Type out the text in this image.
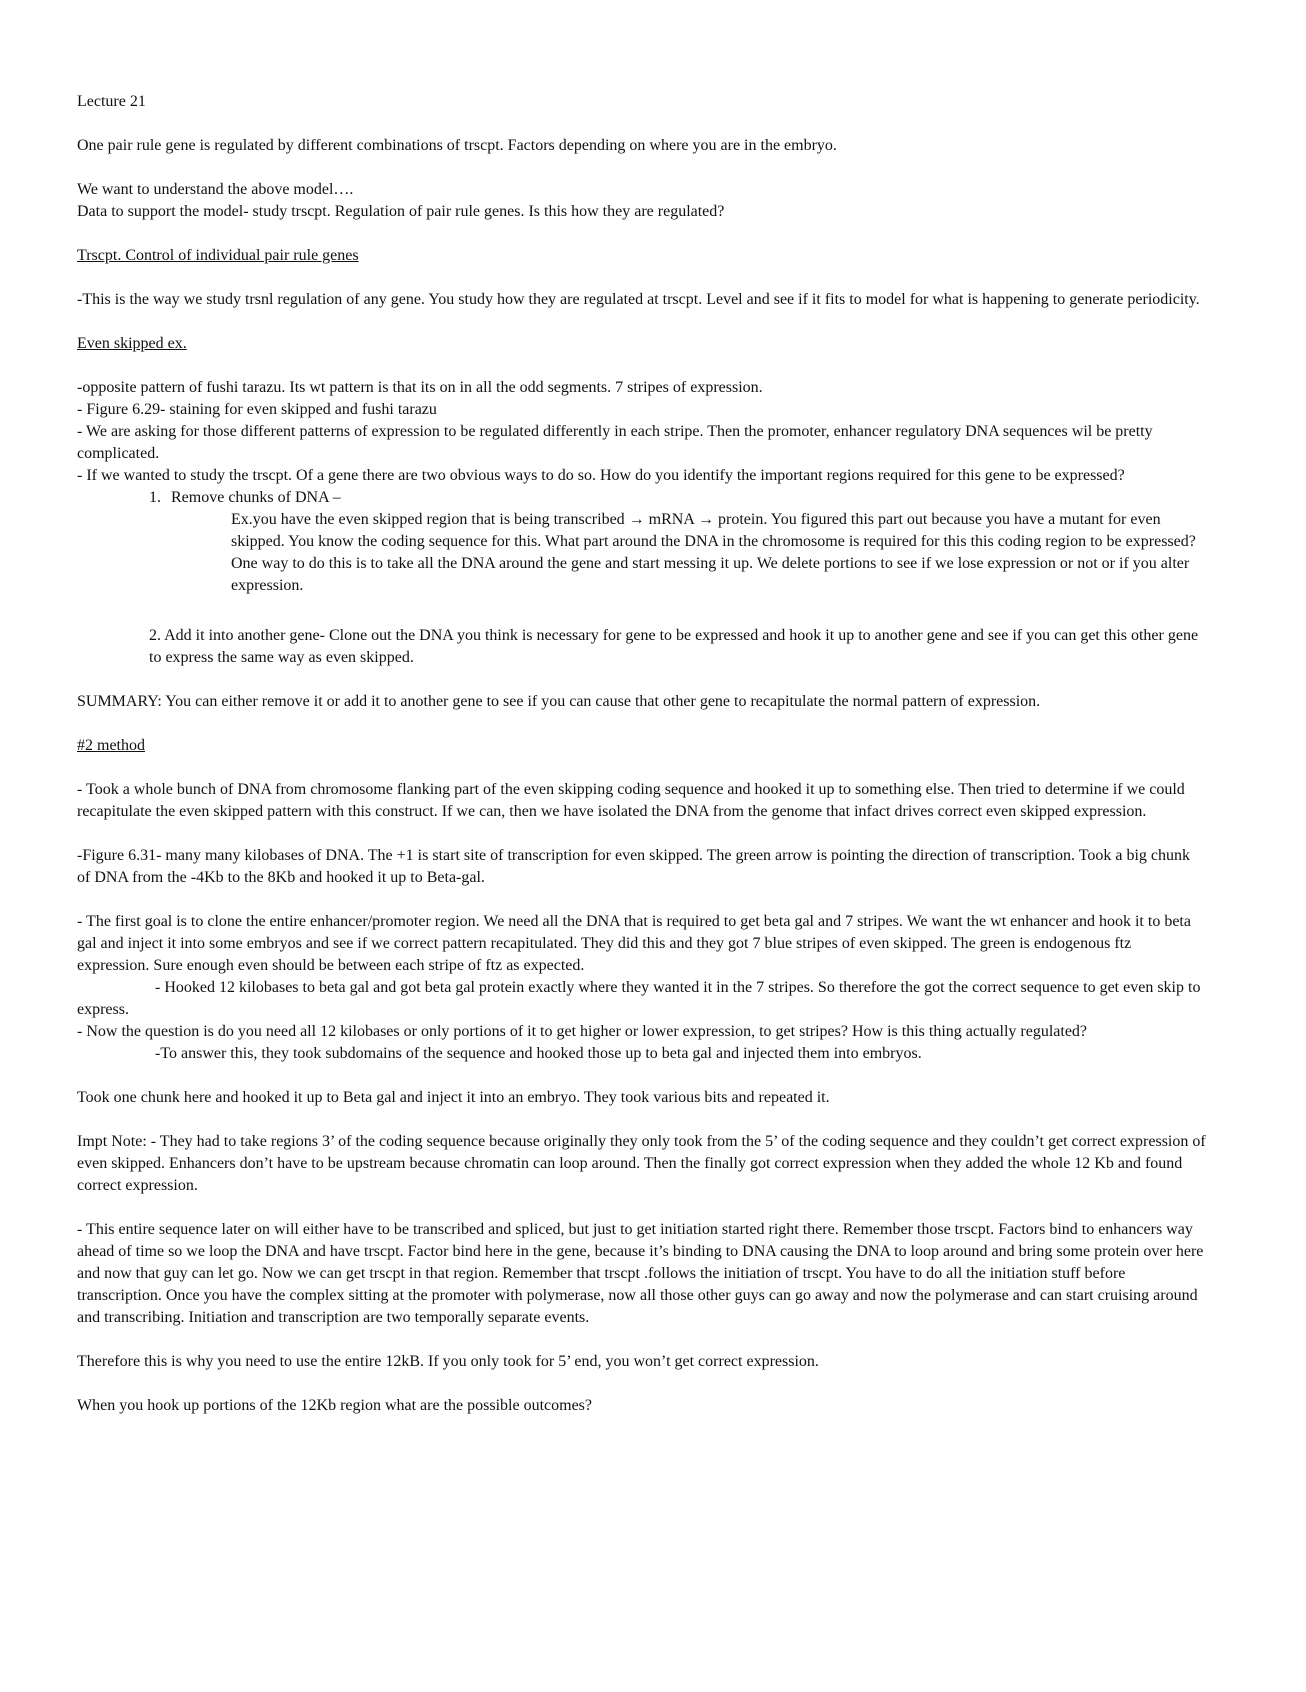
Lecture 21

One pair rule gene is regulated by different combinations of trscpt. Factors depending on where you are in the embryo.

We want to understand the above model….

Data to support the model- study trscpt. Regulation of pair rule genes. Is this how they are regulated?

Trscpt. Control of individual pair rule genes

-This is the way we study trsnl regulation of any gene. You study how they are regulated at trscpt. Level and see if it fits to model for what is happening to generate periodicity.

Even skipped ex.

-opposite pattern of fushi tarazu. Its wt pattern is that its on in all the odd segments. 7 stripes of expression.

- Figure 6.29- staining for even skipped and fushi tarazu

- We are asking for those different patterns of expression to be regulated differently in each stripe. Then the promoter, enhancer regulatory DNA sequences wil be pretty complicated.

- If we wanted to study the trscpt. Of a gene there are two obvious ways to do so. How do you identify the important regions required for this gene to be expressed?

1. Remove chunks of DNA –

Ex.you have the even skipped region that is being transcribed → mRNA → protein. You figured this part out because you have a mutant for even skipped. You know the coding sequence for this. What part around the DNA in the chromosome is required for this this coding region to be expressed? One way to do this is to take all the DNA around the gene and start messing it up. We delete portions to see if we lose expression or not or if you alter expression.

2. Add it into another gene- Clone out the DNA you think is necessary for gene to be expressed and hook it up to another gene and see if you can get this other gene to express the same way as even skipped.

SUMMARY: You can either remove it or add it to another gene to see if you can cause that other gene to recapitulate the normal pattern of expression.

#2 method

- Took a whole bunch of DNA from chromosome flanking part of the even skipping coding sequence and hooked it up to something else. Then tried to determine if we could recapitulate the even skipped pattern with this construct. If we can, then we have isolated the DNA from the genome that infact drives correct even skipped expression.

-Figure 6.31- many many kilobases of DNA. The +1 is start site of transcription for even skipped. The green arrow is pointing the direction of transcription. Took a big chunk of DNA from the -4Kb to the 8Kb and hooked it up to Beta-gal.

- The first goal is to clone the entire enhancer/promoter region. We need all the DNA that is required to get beta gal and 7 stripes. We want the wt enhancer and hook it to beta gal and inject it into some embryos and see if we correct pattern recapitulated. They did this and they got 7 blue stripes of even skipped. The green is endogenous ftz expression. Sure enough even should be between each stripe of ftz as expected.

- Hooked 12 kilobases to beta gal and got beta gal protein exactly where they wanted it in the 7 stripes. So therefore the got the correct sequence to get even skip to express.

- Now the question is do you need all 12 kilobases or only portions of it to get higher or lower expression, to get stripes? How is this thing actually regulated?

-To answer this, they took subdomains of the sequence and hooked those up to beta gal and injected them into embryos.

Took one chunk here and hooked it up to Beta gal and inject it into an embryo. They took various bits and repeated it.

Impt Note: - They had to take regions 3’ of the coding sequence because originally they only took from the 5’ of the coding sequence and they couldn’t get correct expression of even skipped. Enhancers don’t have to be upstream because chromatin can loop around. Then the finally got correct expression when they added the whole 12 Kb and found correct expression.

- This entire sequence later on will either have to be transcribed and spliced, but just to get initiation started right there. Remember those trscpt. Factors bind to enhancers way ahead of time so we loop the DNA and have trscpt. Factor bind here in the gene, because it’s binding to DNA causing the DNA to loop around and bring some protein over here and now that guy can let go. Now we can get trscpt in that region. Remember that trscpt .follows the initiation of trscpt. You have to do all the initiation stuff before transcription. Once you have the complex sitting at the promoter with polymerase, now all those other guys can go away and now the polymerase and can start cruising around and transcribing. Initiation and transcription are two temporally separate events.

Therefore this is why you need to use the entire 12kB. If you only took for 5’ end, you won’t get correct expression.

When you hook up portions of the 12Kb region what are the possible outcomes?
